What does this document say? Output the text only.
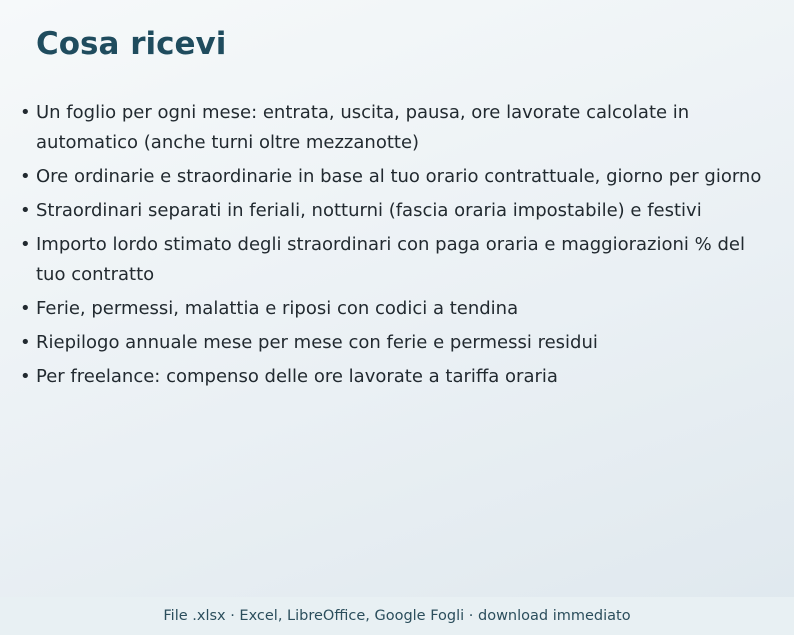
Cosa ricevi
• Un foglio per ogni mese: entrata, uscita, pausa, ore lavorate calcolate in automatico (anche turni oltre mezzanotte)
• Ore ordinarie e straordinarie in base al tuo orario contrattuale, giorno per giorno
• Straordinari separati in feriali, notturni (fascia oraria impostabile) e festivi
• Importo lordo stimato degli straordinari con paga oraria e maggiorazioni % del tuo contratto
• Ferie, permessi, malattia e riposi con codici a tendina
• Riepilogo annuale mese per mese con ferie e permessi residui
• Per freelance: compenso delle ore lavorate a tariffa oraria
File .xlsx · Excel, LibreOffice, Google Fogli · download immediato
